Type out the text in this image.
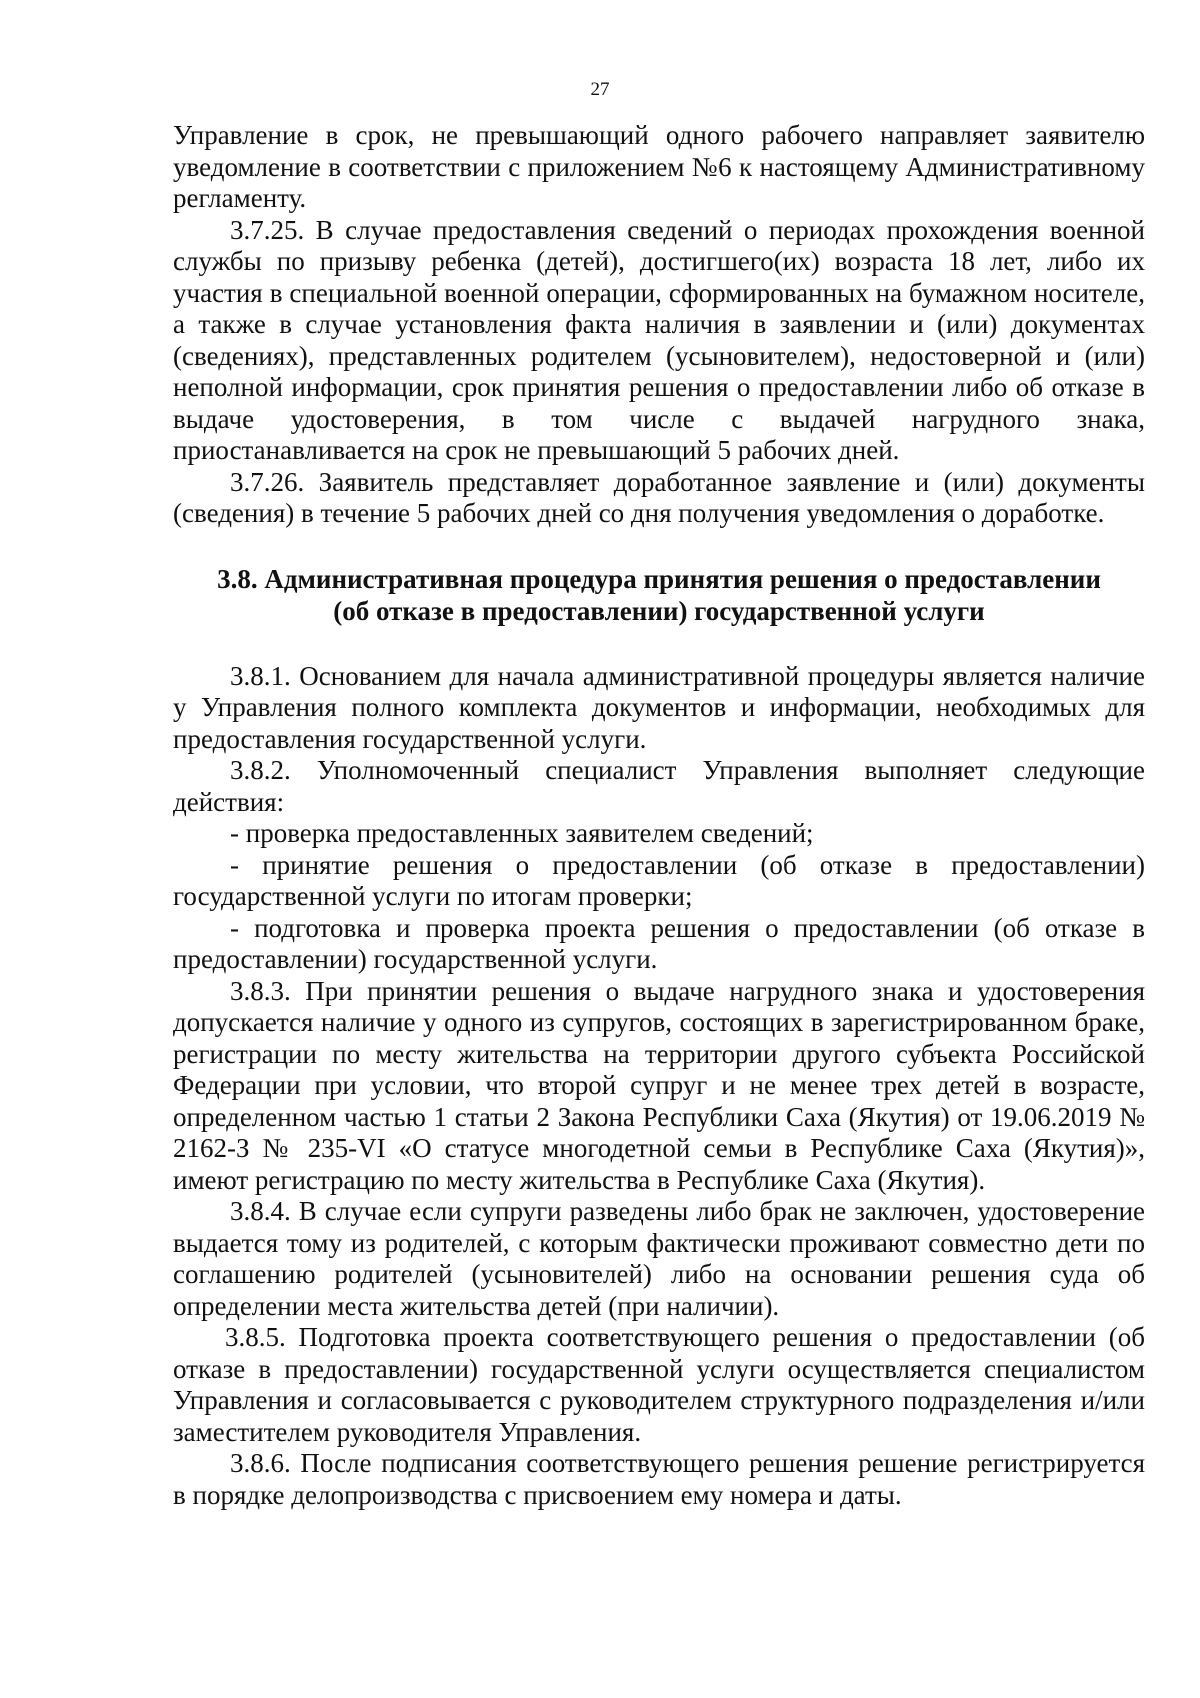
27

Управление в срок, не превышающий одного рабочего направляет заявителю уведомление в соответствии с приложением №6 к настоящему Административному регламенту.

3.7.25. В случае предоставления сведений о периодах прохождения военной службы по призыву ребенка (детей), достигшего(их) возраста 18 лет, либо их участия в специальной военной операции, сформированных на бумажном носителе, а также в случае установления факта наличия в заявлении и (или) документах (сведениях), представленных родителем (усыновителем), недостоверной и (или) неполной информации, срок принятия решения о предоставлении либо об отказе в выдаче удостоверения, в том числе с выдачей нагрудного знака, приостанавливается на срок не превышающий 5 рабочих дней.

3.7.26. Заявитель представляет доработанное заявление и (или) документы (сведения) в течение 5 рабочих дней со дня получения уведомления о доработке.

3.8. Административная процедура принятия решения о предоставлении
(об отказе в предоставлении) государственной услуги

3.8.1. Основанием для начала административной процедуры является наличие у Управления полного комплекта документов и информации, необходимых для предоставления государственной услуги.

3.8.2. Уполномоченный специалист Управления выполняет следующие действия:

- проверка предоставленных заявителем сведений;

- принятие решения о предоставлении (об отказе в предоставлении) государственной услуги по итогам проверки;

- подготовка и проверка проекта решения о предоставлении (об отказе в предоставлении) государственной услуги.

3.8.3. При принятии решения о выдаче нагрудного знака и удостоверения допускается наличие у одного из супругов, состоящих в зарегистрированном браке, регистрации по месту жительства на территории другого субъекта Российской Федерации при условии, что второй супруг и не менее трех детей в возрасте, определенном частью 1 статьи 2 Закона Республики Саха (Якутия) от 19.06.2019 № 2162-З № 235-VI «О статусе многодетной семьи в Республике Саха (Якутия)», имеют регистрацию по месту жительства в Республике Саха (Якутия).

3.8.4. В случае если супруги разведены либо брак не заключен, удостоверение выдается тому из родителей, с которым фактически проживают совместно дети по соглашению родителей (усыновителей) либо на основании решения суда об определении места жительства детей (при наличии).

3.8.5. Подготовка проекта соответствующего решения о предоставлении (об отказе в предоставлении) государственной услуги осуществляется специалистом Управления и согласовывается с руководителем структурного подразделения и/или заместителем руководителя Управления.

3.8.6. После подписания соответствующего решения решение регистрируется в порядке делопроизводства с присвоением ему номера и даты.
